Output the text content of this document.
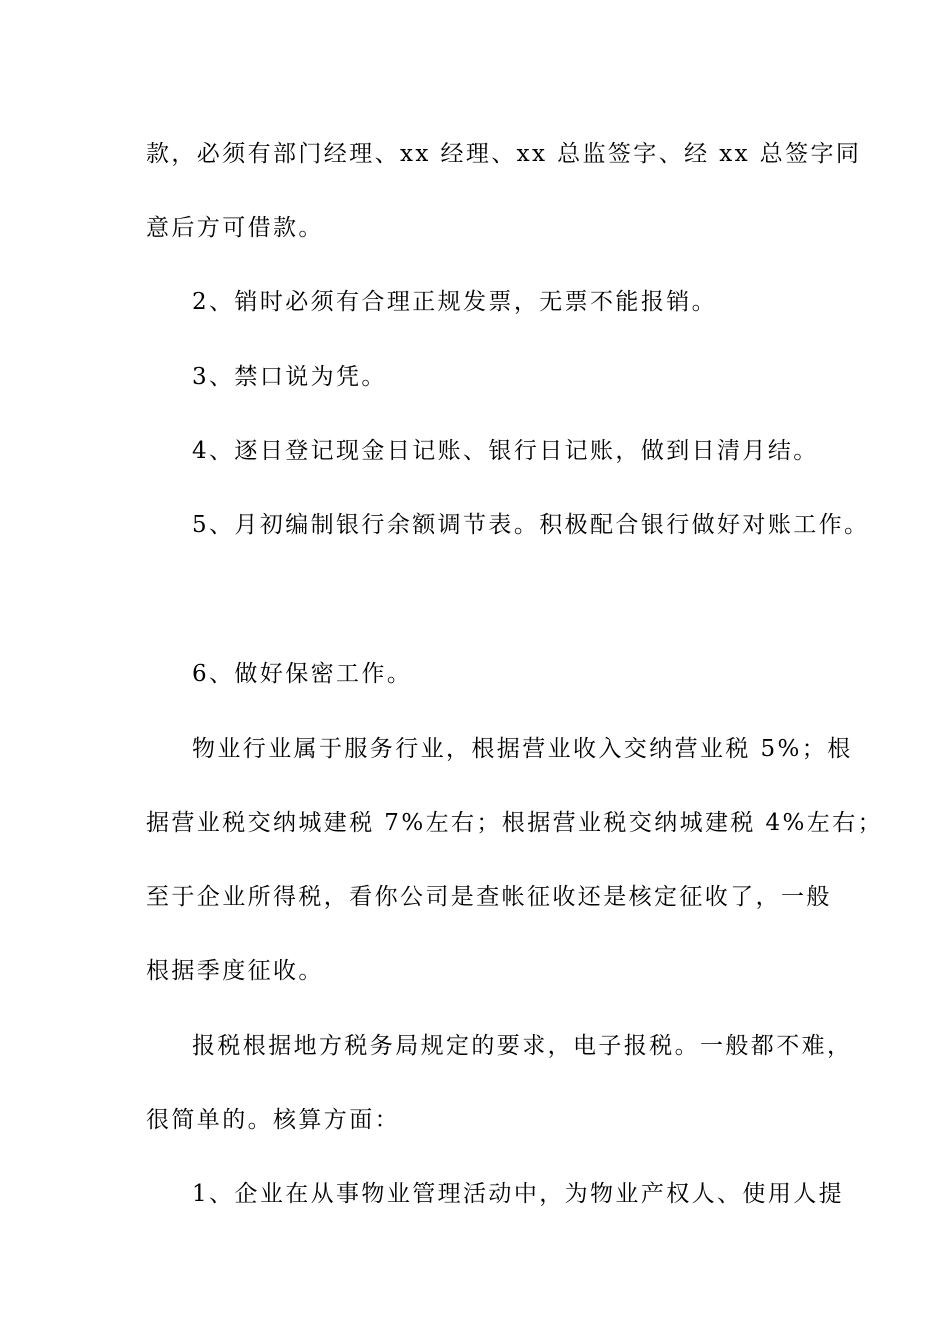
款，必须有部门经理、xx 经理、xx 总监签字、经 xx 总签字同
意后方可借款。
2、销时必须有合理正规发票，无票不能报销。
3、禁口说为凭。
4、逐日登记现金日记账、银行日记账，做到日清月结。
5、月初编制银行余额调节表。积极配合银行做好对账工作。
6、做好保密工作。
物业行业属于服务行业，根据营业收入交纳营业税 5%；根
据营业税交纳城建税 7%左右；根据营业税交纳城建税 4%左右；
至于企业所得税，看你公司是查帐征收还是核定征收了，一般
根据季度征收。
报税根据地方税务局规定的要求，电子报税。一般都不难，
很简单的。核算方面：
1、企业在从事物业管理活动中，为物业产权人、使用人提
